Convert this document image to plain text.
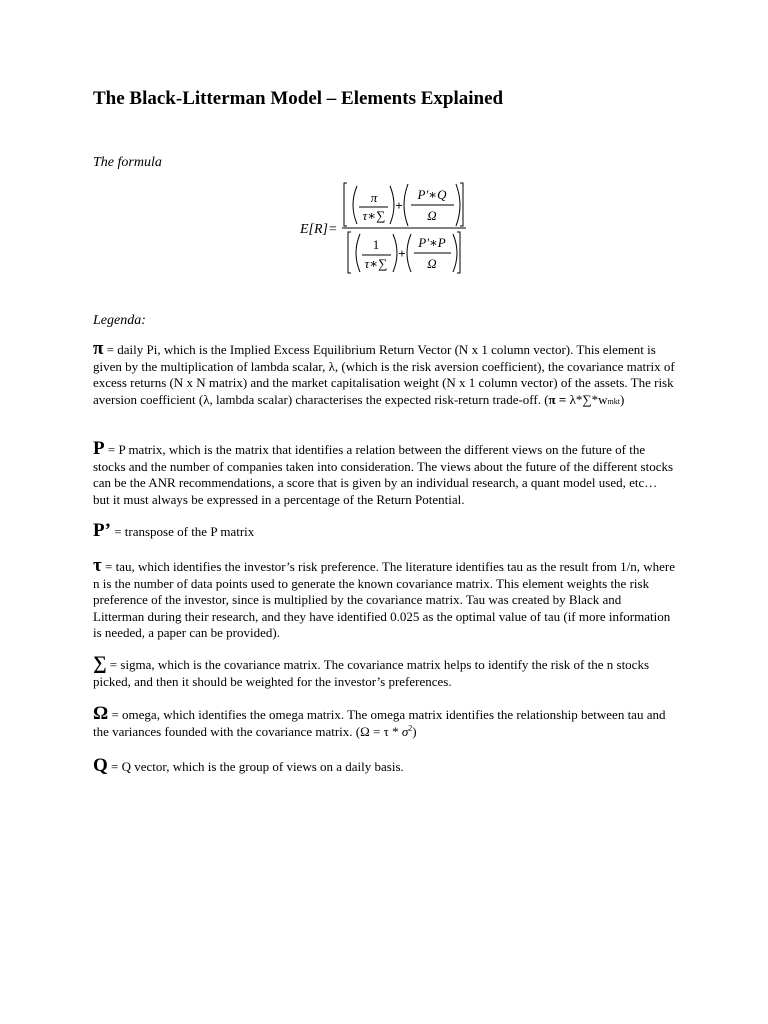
The Black-Litterman Model – Elements Explained
The formula
E[R]=
π
τ∗∑
+
P'∗Q
Ω
1
τ∗∑
+
P'∗P
Ω
Legenda:

π = daily Pi, which is the Implied Excess Equilibrium Return Vector (N x 1 column vector). This element is given by the multiplication of lambda scalar, λ, (which is the risk aversion coefficient), the covariance matrix of excess returns (N x N matrix) and the market capitalisation weight (N x 1 column vector) of the assets. The risk aversion coefficient (λ, lambda scalar) characterises the expected risk-return trade-off. (π = λ*∑*wmkt)

P = P matrix, which is the matrix that identifies a relation between the different views on the future of the stocks and the number of companies taken into consideration. The views about the future of the different stocks can be the ANR recommendations, a score that is given by an individual research, a quant model used, etc… but it must always be expressed in a percentage of the Return Potential.

P’ = transpose of the P matrix

τ = tau, which identifies the investor’s risk preference. The literature identifies tau as the result from 1/n, where n is the number of data points used to generate the known covariance matrix. This element weights the risk preference of the investor, since is multiplied by the covariance matrix. Tau was created by Black and Litterman during their research, and they have identified 0.025 as the optimal value of tau (if more information is needed, a paper can be provided).

∑ = sigma, which is the covariance matrix. The covariance matrix helps to identify the risk of the n stocks picked, and then it should be weighted for the investor’s preferences.

Ω = omega, which identifies the omega matrix. The omega matrix identifies the relationship between tau and the variances founded with the covariance matrix. $(\Omega = \tau * \sigma^2)$

Q = Q vector, which is the group of views on a daily basis.
